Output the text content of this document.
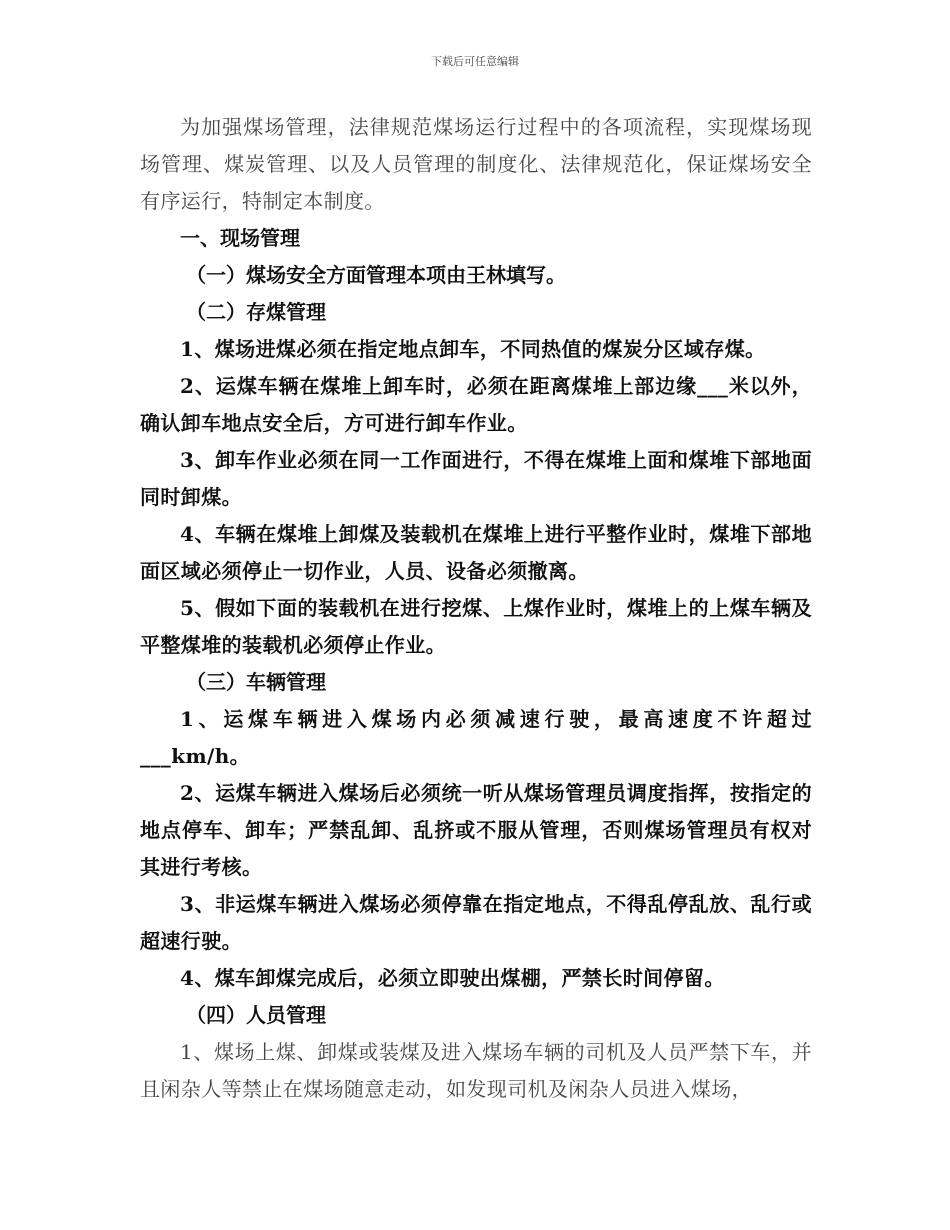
下载后可任意编辑

为加强煤场管理，法律规范煤场运行过程中的各项流程，实现煤场现场管理、煤炭管理、以及人员管理的制度化、法律规范化，保证煤场安全有序运行，特制定本制度。

一、现场管理

（一）煤场安全方面管理本项由王林填写。

（二）存煤管理

1、煤场进煤必须在指定地点卸车，不同热值的煤炭分区域存煤。

2、运煤车辆在煤堆上卸车时，必须在距离煤堆上部边缘___米以外，确认卸车地点安全后，方可进行卸车作业。

3、卸车作业必须在同一工作面进行，不得在煤堆上面和煤堆下部地面同时卸煤。

4、车辆在煤堆上卸煤及装载机在煤堆上进行平整作业时，煤堆下部地面区域必须停止一切作业，人员、设备必须撤离。

5、假如下面的装载机在进行挖煤、上煤作业时，煤堆上的上煤车辆及平整煤堆的装载机必须停止作业。

（三）车辆管理

1、运煤车辆进入煤场内必须减速行驶，最高速度不许超过___km/h。

2、运煤车辆进入煤场后必须统一听从煤场管理员调度指挥，按指定的地点停车、卸车；严禁乱卸、乱挤或不服从管理，否则煤场管理员有权对其进行考核。

3、非运煤车辆进入煤场必须停靠在指定地点，不得乱停乱放、乱行或超速行驶。

4、煤车卸煤完成后，必须立即驶出煤棚，严禁长时间停留。

（四）人员管理

1、煤场上煤、卸煤或装煤及进入煤场车辆的司机及人员严禁下车，并且闲杂人等禁止在煤场随意走动，如发现司机及闲杂人员进入煤场，
